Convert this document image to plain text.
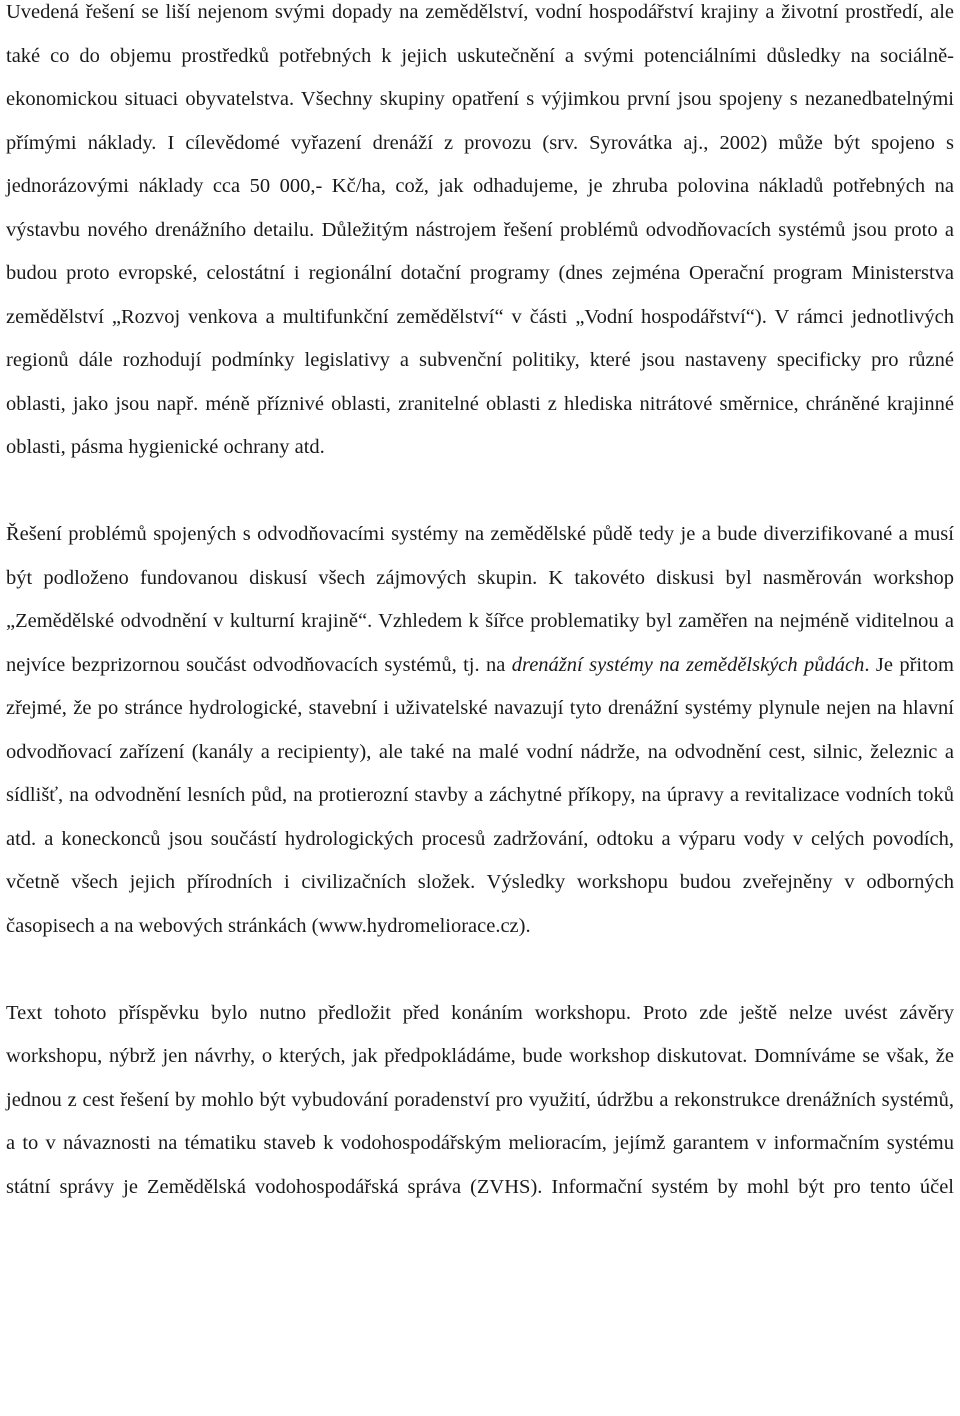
Uvedená řešení se liší nejenom svými dopady na zemědělství, vodní hospodářství krajiny a životní prostředí, ale také co do objemu prostředků potřebných k jejich uskutečnění a svými potenciálními důsledky na sociálně-ekonomickou situaci obyvatelstva. Všechny skupiny opatření s výjimkou první jsou spojeny s nezanedbatelnými přímými náklady. I cílevědomé vyřazení drenáží z provozu (srv. Syrovátka aj., 2002) může být spojeno s jednorázovými náklady cca 50 000,- Kč/ha, což, jak odhadujeme, je zhruba polovina nákladů potřebných na výstavbu nového drenážního detailu. Důležitým nástrojem řešení problémů odvodňovacích systémů jsou proto a budou proto evropské, celostátní i regionální dotační programy (dnes zejména Operační program Ministerstva zemědělství „Rozvoj venkova a multifunkční zemědělství“ v části „Vodní hospodářství“). V rámci jednotlivých regionů dále rozhodují podmínky legislativy a subvenční politiky, které jsou nastaveny specificky pro různé oblasti, jako jsou např. méně příznivé oblasti, zranitelné oblasti z hlediska nitrátové směrnice, chráněné krajinné oblasti, pásma hygienické ochrany atd.

Řešení problémů spojených s odvodňovacími systémy na zemědělské půdě tedy je a bude diverzifikované a musí být podloženo fundovanou diskusí všech zájmových skupin. K takovéto diskusi byl nasměrován workshop „Zemědělské odvodnění v kulturní krajině“. Vzhledem k šířce problematiky byl zaměřen na nejméně viditelnou a nejvíce bezprizornou součást odvodňovacích systémů, tj. na drenážní systémy na zemědělských půdách. Je přitom zřejmé, že po stránce hydrologické, stavební i uživatelské navazují tyto drenážní systémy plynule nejen na hlavní odvodňovací zařízení (kanály a recipienty), ale také na malé vodní nádrže, na odvodnění cest, silnic, železnic a sídlišť, na odvodnění lesních půd, na protierozní stavby a záchytné příkopy, na úpravy a revitalizace vodních toků atd. a koneckonců jsou součástí hydrologických procesů zadržování, odtoku a výparu vody v celých povodích, včetně všech jejich přírodních i civilizačních složek. Výsledky workshopu budou zveřejněny v odborných časopisech a na webových stránkách (www.hydromeliorace.cz).

Text tohoto příspěvku bylo nutno předložit před konáním workshopu. Proto zde ještě nelze uvést závěry workshopu, nýbrž jen návrhy, o kterých, jak předpokládáme, bude workshop diskutovat. Domníváme se však, že jednou z cest řešení by mohlo být vybudování poradenství pro využití, údržbu a rekonstrukce drenážních systémů, a to v návaznosti na tématiku staveb k vodohospodářským melioracím, jejímž garantem v informačním systému státní správy je Zemědělská vodohospodářská správa (ZVHS). Informační systém by mohl být pro tento účel
